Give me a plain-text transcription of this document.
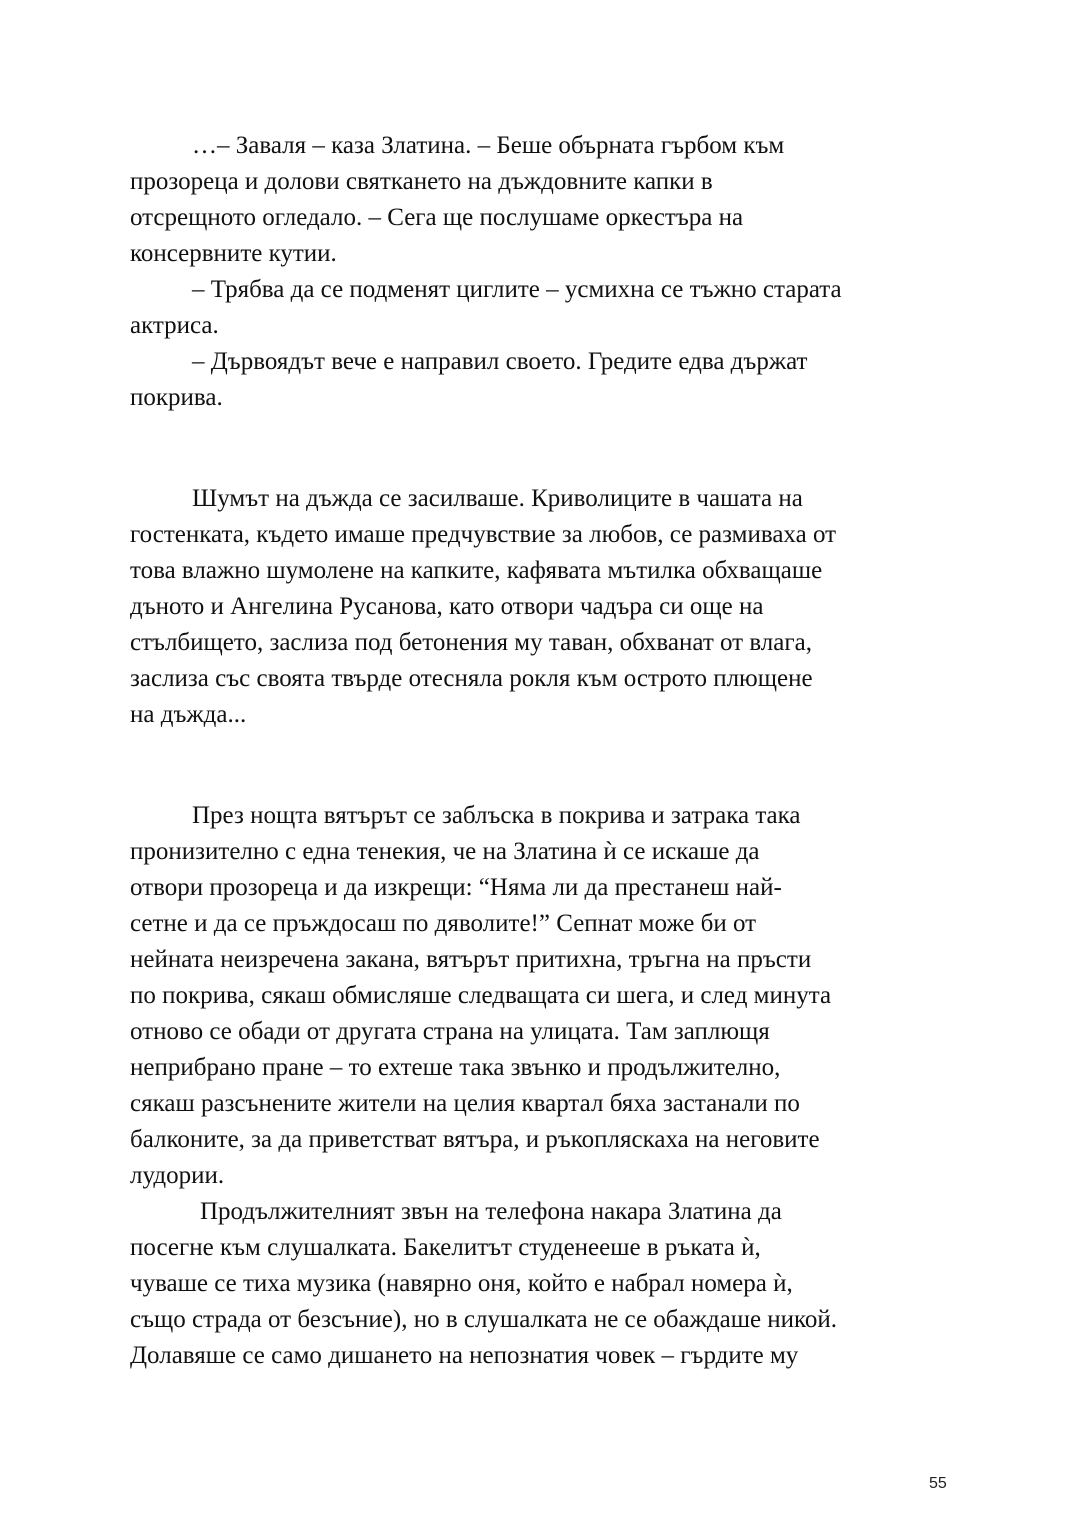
…– Заваля – каза Златина. – Беше обърната гърбом към
прозореца и долови святкането на дъждовните капки в
отсрещното огледало. – Сега ще послушаме оркестъра на
консервните кутии.
– Трябва да се подменят циглите – усмихна се тъжно старата
актриса.
– Дървоядът вече е направил своето. Гредите едва държат
покрива.
Шумът на дъжда се засилваше. Криволиците в чашата на
гостенката, където имаше предчувствие за любов, се размиваха от
това влажно шумолене на капките, кафявата мътилка обхващаше
дъното и Ангелина Русанова, като отвори чадъра си още на
стълбището, заслиза под бетонения му таван, обхванат от влага,
заслиза със своята твърде отесняла рокля към острото плющене
на дъжда...
През нощта вятърът се заблъска в покрива и затрака така
пронизително с една тенекия, че на Златина ѝ се искаше да
отвори прозореца и да изкрещи: “Няма ли да престанеш най-
сетне и да се пръждосаш по дяволите!” Сепнат може би от
нейната неизречена закана, вятърът притихна, тръгна на пръсти
по покрива, сякаш обмисляше следващата си шега, и след минута
отново се обади от другата страна на улицата. Там заплющя
неприбрано пране – то ехтеше така звънко и продължително,
сякаш разсънените жители на целия квартал бяха застанали по
балконите, за да приветстват вятъра, и ръкопляскаха на неговите
лудории.
Продължителният звън на телефона накара Златина да
посегне към слушалката. Бакелитът студенееше в ръката ѝ,
чуваше се тиха музика (навярно оня, който е набрал номера ѝ,
също страда от безсъние), но в слушалката не се обаждаше никой.
Долавяше се само дишането на непознатия човек – гърдите му
55
